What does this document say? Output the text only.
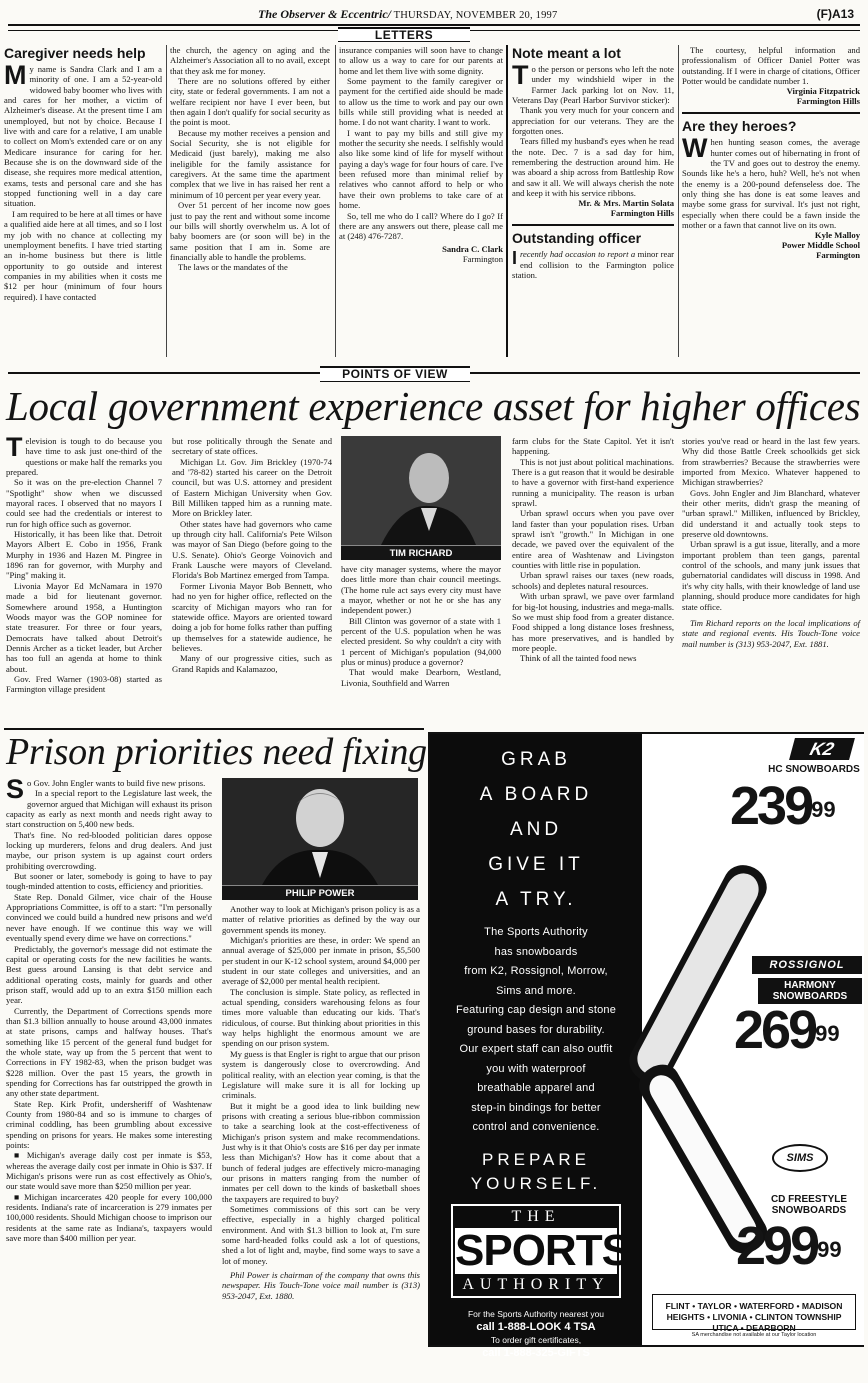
The Observer & Eccentric/ THURSDAY, NOVEMBER 20, 1997	(F)A13
LETTERS
Caregiver needs help
M y name is Sandra Clark and I am a minority of one. I am a 52-year-old widowed baby boomer who lives with and cares for her mother, a victim of Alzheimer's disease. At the present time I am unemployed, but not by choice. Because I live with and care for a relative, I am unable to collect on Mom's extended care or on any Medicare insurance for caring for her. Because she is on the downward side of the disease, she requires more medical attention, exams, tests and personal care and she has stopped functioning well in a day care situation.

I am required to be here at all times or have a qualified aide here at all times, and so I lost my job with no chance at collecting my unemployment benefits. I have tried starting an in-home business but there is little opportunity to go outside and interest companies in my abilities when it costs me $12 per hour (minimum of four hours required). I have contacted

the church, the agency on aging and the Alzheimer's Association all to no avail, except that they ask me for money.

There are no solutions offered by either city, state or federal governments. I am not a welfare recipient nor have I ever been, but then again I don't qualify for social security as the point is moot.

Because my mother receives a pension and Social Security, she is not eligible for Medicaid (just barely), making me also ineligible for the family assistance for caregivers. At the same time the apartment complex that we live in has raised her rent a minimum of 10 percent per year every year.

Over 51 percent of her income now goes just to pay the rent and without some income our bills will shortly overwhelm us. A lot of baby boomers are (or soon will be) in the same position that I am in. Some are financially able to handle the problems.

The laws or the mandates of the

insurance companies will soon have to change to allow us a way to care for our parents at home and let them live with some dignity.

Some payment to the family caregiver or payment for the certified aide should be made to allow us the time to work and pay our own bills while still providing what is needed at home. I do not want charity. I want to work.

I want to pay my bills and still give my mother the security she needs. I selfishly would also like some kind of life for myself without paying a day's wage for four hours of care. I've been refused more than minimal relief by relatives who cannot afford to help or who have their own problems to take care of at home.

So, tell me who do I call? Where do I go? If there are any answers out there, please call me at (248) 476-7287.

Sandra C. Clark
Farmington
Note meant a lot
T o the person or persons who left the note under my windshield wiper in the Farmer Jack parking lot on Nov. 11, Veterans Day (Pearl Harbor Survivor sticker):

Thank you very much for your concern and appreciation for our veterans. They are the forgotten ones.

Tears filled my husband's eyes when he read the note. Dec. 7 is a sad day for him, remembering the destruction around him. He was aboard a ship across from Battleship Row and saw it all. We will always cherish the note and keep it with his service ribbons.

Mr. & Mrs. Martin Solata
Farmington Hills
Outstanding officer

I recently had occasion to report a minor rear end collision to the Farmington police station.

The courtesy, helpful information and professionalism of Officer Daniel Potter was outstanding. If I were in charge of citations, Officer Potter would be candidate number 1.

Virginia Fitzpatrick
Farmington Hills
Are they heroes?
W hen hunting season comes, the average hunter comes out of hibernating in front of the TV and goes out to destroy the enemy. Sounds like he's a hero, huh? Well, he's not when the enemy is a 200-pound defenseless doe. The only thing she has done is eat some leaves and maybe some grass for survival. It's just not right, especially when there could be a fawn inside the mother or a fawn that cannot live on its own.

Kyle Malloy
Power Middle School
Farmington
POINTS OF VIEW
Local government experience asset for higher offices
T elevision is tough to do because you have time to ask just one-third of the questions or make half the remarks you prepared.

So it was on the pre-election Channel 7 "Spotlight" show when we discussed mayoral races. I observed that no mayors I could see had the credentials or interest to run for high office such as governor.

Historically, it has been like that. Detroit Mayors Albert E. Cobo in 1956, Frank Murphy in 1936 and Hazen M. Pingree in 1896 ran for governor, with Murphy and "Ping" making it.

Livonia Mayor Ed McNamara in 1970 made a bid for lieutenant governor. Somewhere around 1958, a Huntington Woods mayor was the GOP nominee for state treasurer. For three or four years, Democrats have talked about Detroit's Dennis Archer as a ticket leader, but Archer has too full an agenda at home to think about.

Gov. Fred Warner (1903-08) started as Farmington village president

but rose politically through the Senate and secretary of state offices.

Michigan Lt. Gov. Jim Brickley (1970-74 and '78-82) started his career on the Detroit council, but was U.S. attorney and president of Eastern Michigan University when Gov. Bill Milliken tapped him as a running mate. More on Brickley later.

Other states have had governors who came up through city hall. California's Pete Wilson was mayor of San Diego (before going to the U.S. Senate). Ohio's George Voinovich and Frank Lausche were mayors of Cleveland. Florida's Bob Martinez emerged from Tampa.

Former Livonia Mayor Bob Bennett, who had no yen for higher office, reflected on the scarcity of Michigan mayors who ran for statewide office. Mayors are oriented toward doing a job for home folks rather than puffing up themselves for a statewide audience, he believes.

Many of our progressive cities, such as Grand Rapids and Kalamazoo,

TIM RICHARD

have city manager systems, where the mayor does little more than chair council meetings. (The home rule act says every city must have a mayor, whether or not he or she has any independent power.)

Bill Clinton was governor of a state with 1 percent of the U.S. population when he was elected president. So why couldn't a city with 1 percent of Michigan's population (94,000 plus or minus) produce a governor?

That would make Dearborn, Westland, Livonia, Southfield and Warren

farm clubs for the State Capitol. Yet it isn't happening.

This is not just about political machinations. There is a gut reason that it would be desirable to have a governor with first-hand experience running a municipality. The reason is urban sprawl.

Urban sprawl occurs when you pave over land faster than your population rises. Urban sprawl isn't "growth." In Michigan in one decade, we paved over the equivalent of the entire area of Washtenaw and Livingston counties with little rise in population.

Urban sprawl raises our taxes (new roads, schools) and depletes natural resources.

With urban sprawl, we pave over farmland for big-lot housing, industries and mega-malls. So we must ship food from a greater distance. Food shipped a long distance loses freshness, has more preservatives, and is handled by more people.

Think of all the tainted food news

stories you've read or heard in the last few years. Why did those Battle Creek schoolkids get sick from strawberries? Because the strawberries were imported from Mexico. Whatever happened to Michigan strawberries?

Govs. John Engler and Jim Blanchard, whatever their other merits, didn't grasp the meaning of "urban sprawl." Milliken, influenced by Brickley, did understand it and actually took steps to preserve old downtowns.

Urban sprawl is a gut issue, literally, and a more important problem than teen gangs, parental control of the schools, and many junk issues that gubernatorial candidates will discuss in 1998. And it's why city halls, with their knowledge of land use planning, should produce more candidates for high state office.

Tim Richard reports on the local implications of state and regional events. His Touch-Tone voice mail number is (313) 953-2047, Ext. 1881.

Prison priorities need fixing
S o Gov. John Engler wants to build five new prisons.

In a special report to the Legislature last week, the governor argued that Michigan will exhaust its prison capacity as early as next month and needs right away to start construction on 5,400 new beds.

That's fine. No red-blooded politician dares oppose locking up murderers, felons and drug dealers. And just maybe, our prison system is up against court orders prohibiting overcrowding.

But sooner or later, somebody is going to have to pay tough-minded attention to costs, efficiency and priorities.

State Rep. Donald Gilmer, vice chair of the House Appropriations Committee, is off to a start: "I'm personally convinced we could build a hundred new prisons and we'd never have enough. If we continue this way we will eventually spend every dime we have on corrections."

Predictably, the governor's message did not estimate the capital or operating costs for the new facilities he wants. Best guess around Lansing is that debt service and additional operating costs, mainly for guards and other prison staff, would add up to an extra $150 million each year.

Currently, the Department of Corrections spends more than $1.3 billion annually to house around 43,000 inmates at state prisons, camps and halfway houses. That's something like 15 percent of the general fund budget for the whole state, way up from the 5 percent that went to Corrections in FY 1982-83, when the prison budget was $228 million. Over the past 15 years, the growth in spending for Corrections has far outstripped the growth in any other state department.

State Rep. Kirk Profit, undersheriff of Washtenaw County from 1980-84 and so is immune to charges of criminal coddling, has been grumbling about excessive spending on prisons for years. He makes some interesting points:

■ Michigan's average daily cost per inmate is $53, whereas the average daily cost per inmate in Ohio is $37. If Michigan's prisons were run as cost effectively as Ohio's, our state would save more than $250 million per year.

■ Michigan incarcerates 420 people for every 100,000 residents. Indiana's rate of incarceration is 279 inmates per 100,000 residents. Should Michigan choose to imprison our residents at the same rate as Indiana's, taxpayers would save more than $400 million per year.

PHILIP POWER

Another way to look at Michigan's prison policy is as a matter of relative priorities as defined by the way our government spends its money.

Michigan's priorities are these, in order: We spend an annual average of $25,000 per inmate in prison, $5,500 per student in our K-12 school system, around $4,000 per student in our state colleges and universities, and an average of $2,000 per mental health recipient.

The conclusion is simple. State policy, as reflected in actual spending, considers warehousing felons as four times more valuable than educating our kids. That's ridiculous, of course. But thinking about priorities in this way helps highlight the enormous amount we are spending on our prison system.

My guess is that Engler is right to argue that our prison system is dangerously close to overcrowding. And political reality, with an election year coming, is that the Legislature will make sure it is all for locking up criminals.

But it might be a good idea to link building new prisons with creating a serious blue-ribbon commission to take a searching look at the cost-effectiveness of Michigan's prison system and make recommendations. Just why is it that Ohio's costs are $16 per day per inmate less than Michigan's? How has it come about that a bunch of federal judges are effectively micro-managing our prisons in matters ranging from the number of inmates per cell down to the kinds of basketball shoes the taxpayers are required to buy?

Sometimes commissions of this sort can be very effective, especially in a highly charged political environment. And with $1.3 billion to look at, I'm sure some hard-headed folks could ask a lot of questions, shed a lot of light and, maybe, find some ways to save a lot of money.

Phil Power is chairman of the company that owns this newspaper. His Touch-Tone voice mail number is (313) 953-2047, Ext. 1880.

GRAB
A BOARD
AND
GIVE IT
A TRY.
The Sports Authority
has snowboards
from K2, Rossignol, Morrow,
Sims and more.
Featuring cap design and stone
ground bases for durability.
Our expert staff can also outfit
you with waterproof
breathable apparel and
step-in bindings for better
control and convenience.
PREPARE
YOURSELF.
THE
SPORTS
AUTHORITY
For the Sports Authority nearest you
call 1-888-LOOK 4 TSA
To order gift certificates,
call 1-888-325-GIFTS
K2
HC SNOWBOARDS
$239^{99}$
ROSSIGNOL
HARMONY SNOWBOARDS
$269^{99}$
SIMS
CD FREESTYLE SNOWBOARDS
$299^{99}$
FLINT • TAYLOR • WATERFORD • MADISON
HEIGHTS • LIVONIA • CLINTON TOWNSHIP
UTICA • DEARBORN
SA merchandise not available at our Taylor location
